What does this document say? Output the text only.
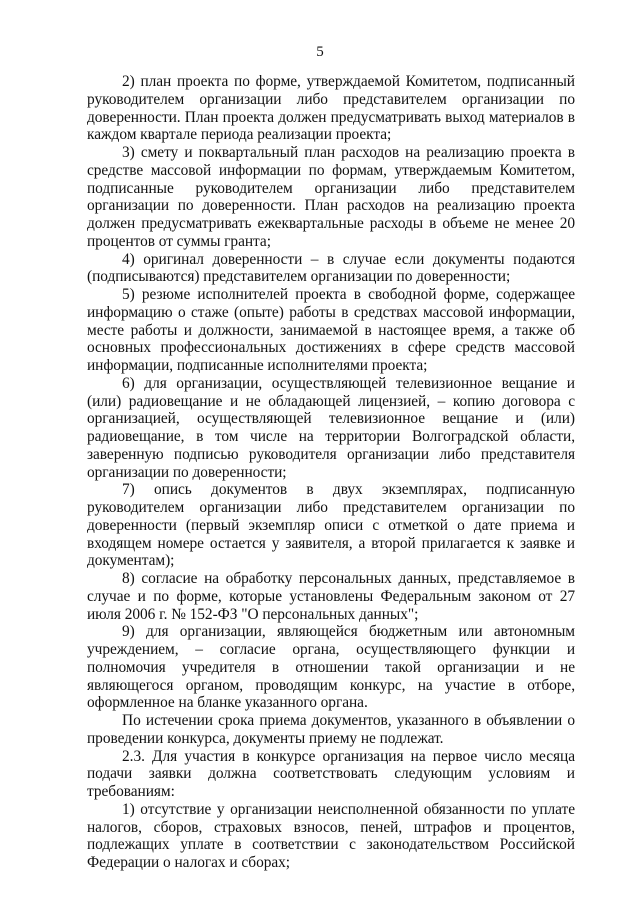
5

2) план проекта по форме, утверждаемой Комитетом, подписанный руководителем организации либо представителем организации по доверенности. План проекта должен предусматривать выход материалов в каждом квартале периода реализации проекта;

3) смету и поквартальный план расходов на реализацию проекта в средстве массовой информации по формам, утверждаемым Комитетом, подписанные руководителем организации либо представителем организации по доверенности. План расходов на реализацию проекта должен предусматривать ежеквартальные расходы в объеме не менее 20 процентов от суммы гранта;

4) оригинал доверенности – в случае если документы подаются (подписываются) представителем организации по доверенности;

5) резюме исполнителей проекта в свободной форме, содержащее информацию о стаже (опыте) работы в средствах массовой информации, месте работы и должности, занимаемой в настоящее время, а также об основных профессиональных достижениях в сфере средств массовой информации, подписанные исполнителями проекта;

6) для организации, осуществляющей телевизионное вещание и (или) радиовещание и не обладающей лицензией, – копию договора с организацией, осуществляющей телевизионное вещание и (или) радиовещание, в том числе на территории Волгоградской области, заверенную подписью руководителя организации либо представителя организации по доверенности;

7) опись документов в двух экземплярах, подписанную руководителем организации либо представителем организации по доверенности (первый экземпляр описи с отметкой о дате приема и входящем номере остается у заявителя, а второй прилагается к заявке и документам);

8) согласие на обработку персональных данных, представляемое в случае и по форме, которые установлены Федеральным законом от 27 июля 2006 г. № 152-ФЗ "О персональных данных";

9) для организации, являющейся бюджетным или автономным учреждением, – согласие органа, осуществляющего функции и полномочия учредителя в отношении такой организации и не являющегося органом, проводящим конкурс, на участие в отборе, оформленное на бланке указанного органа.

По истечении срока приема документов, указанного в объявлении о проведении конкурса, документы приему не подлежат.

2.3. Для участия в конкурсе организация на первое число месяца подачи заявки должна соответствовать следующим условиям и требованиям:

1) отсутствие у организации неисполненной обязанности по уплате налогов, сборов, страховых взносов, пеней, штрафов и процентов, подлежащих уплате в соответствии с законодательством Российской Федерации о налогах и сборах;
